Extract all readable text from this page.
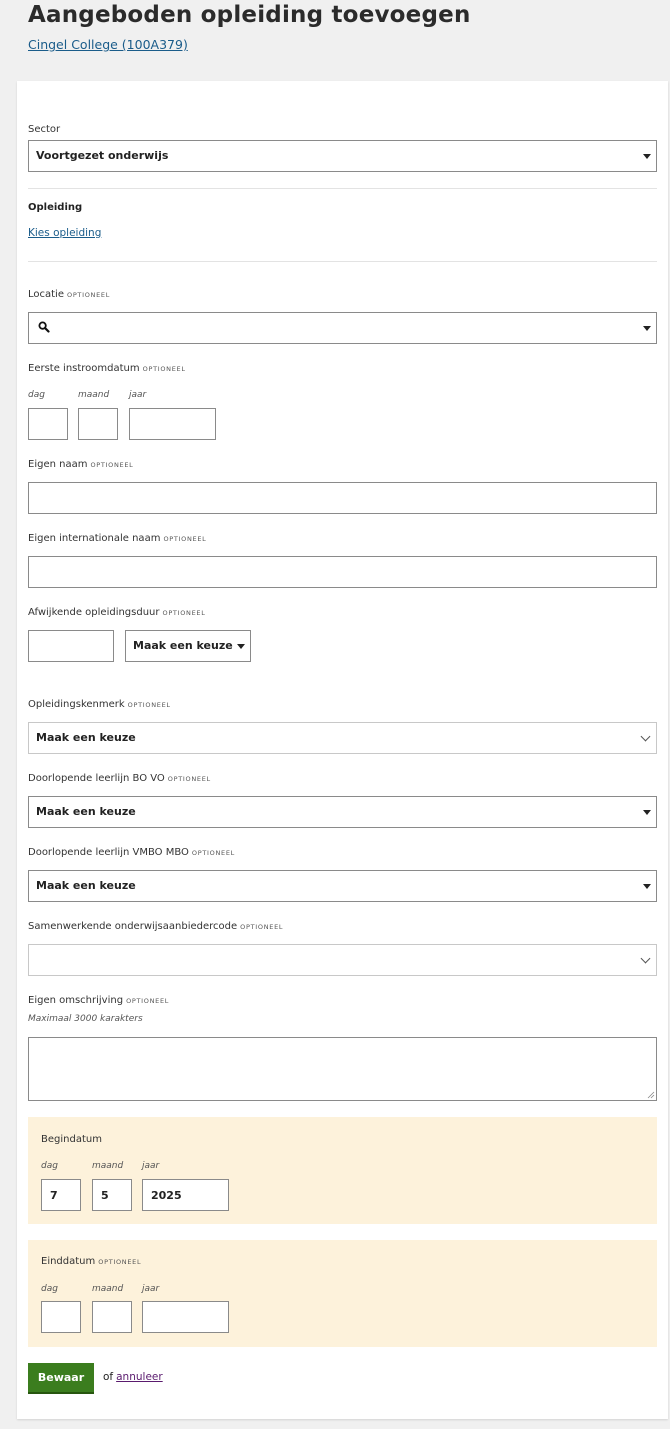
Aangeboden opleiding toevoegen
Cingel College (100A379)
Sector
Voortgezet onderwijs
Opleiding
Kies opleiding
Locatie OPTIONEEL
Eerste instroomdatum OPTIONEEL
dag	maand jaar
Eigen naam OPTIONEEL
Eigen internationale naam OPTIONEEL
Afwijkende opleidingsduur OPTIONEEL
Maak een keuze
Opleidingskenmerk OPTIONEEL
Maak een keuze
Doorlopende leerlijn BO VO OPTIONEEL
Maak een keuze
Doorlopende leerlijn VMBO MBO OPTIONEEL
Maak een keuze
Samenwerkende onderwijsaanbiedercode OPTIONEEL
Eigen omschrijving OPTIONEEL
Maximaal 3000 karakters
Begindatum
dag	maand jaar
7	5	2025
Einddatum OPTIONEEL
dag	maand jaar
Bewaar	of annuleer
